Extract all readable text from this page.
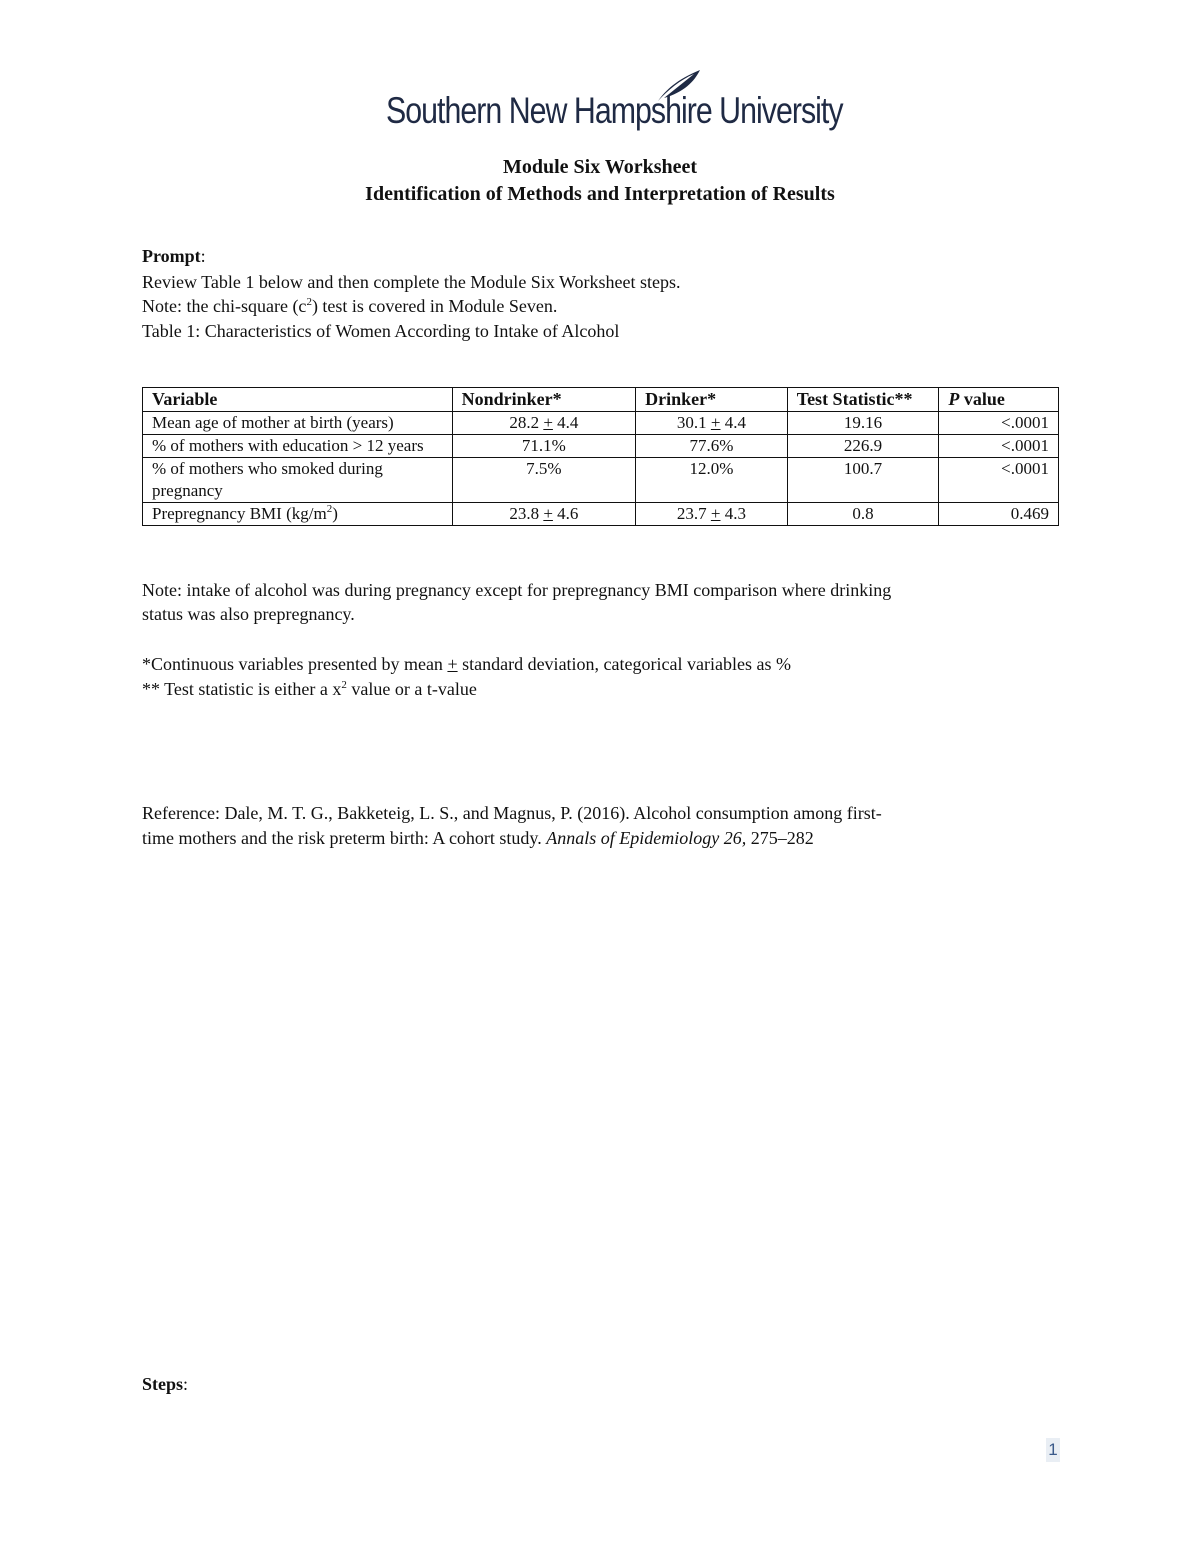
Southern New Hampshire University
Module Six Worksheet
Identification of Methods and Interpretation of Results
Prompt:
Review Table 1 below and then complete the Module Six Worksheet steps.
Note: the chi-square $(c^2)$ test is covered in Module Seven.
Table 1: Characteristics of Women According to Intake of Alcohol
Variable	Nondrinker*	Drinker*	Test Statistic**	P value
Mean age of mother at birth (years)	28.2 + 4.4	30.1 + 4.4	19.16	<.0001
% of mothers with education > 12 years	71.1%	77.6%	226.9	<.0001
% of mothers who smoked during pregnancy	7.5%	12.0%	100.7	<.0001
Prepregnancy BMI $(kg/m^2)$	23.8 + 4.6	23.7 + 4.3	0.8	0.469
Note: intake of alcohol was during pregnancy except for prepregnancy BMI comparison where drinking
status was also prepregnancy.
*Continuous variables presented by mean + standard deviation, categorical variables as %
** Test statistic is either a $x^2$ value or a t-value
Reference: Dale, M. T. G., Bakketeig, L. S., and Magnus, P. (2016). Alcohol consumption among first-
time mothers and the risk preterm birth: A cohort study. Annals of Epidemiology 26, 275–282
Steps:
1
